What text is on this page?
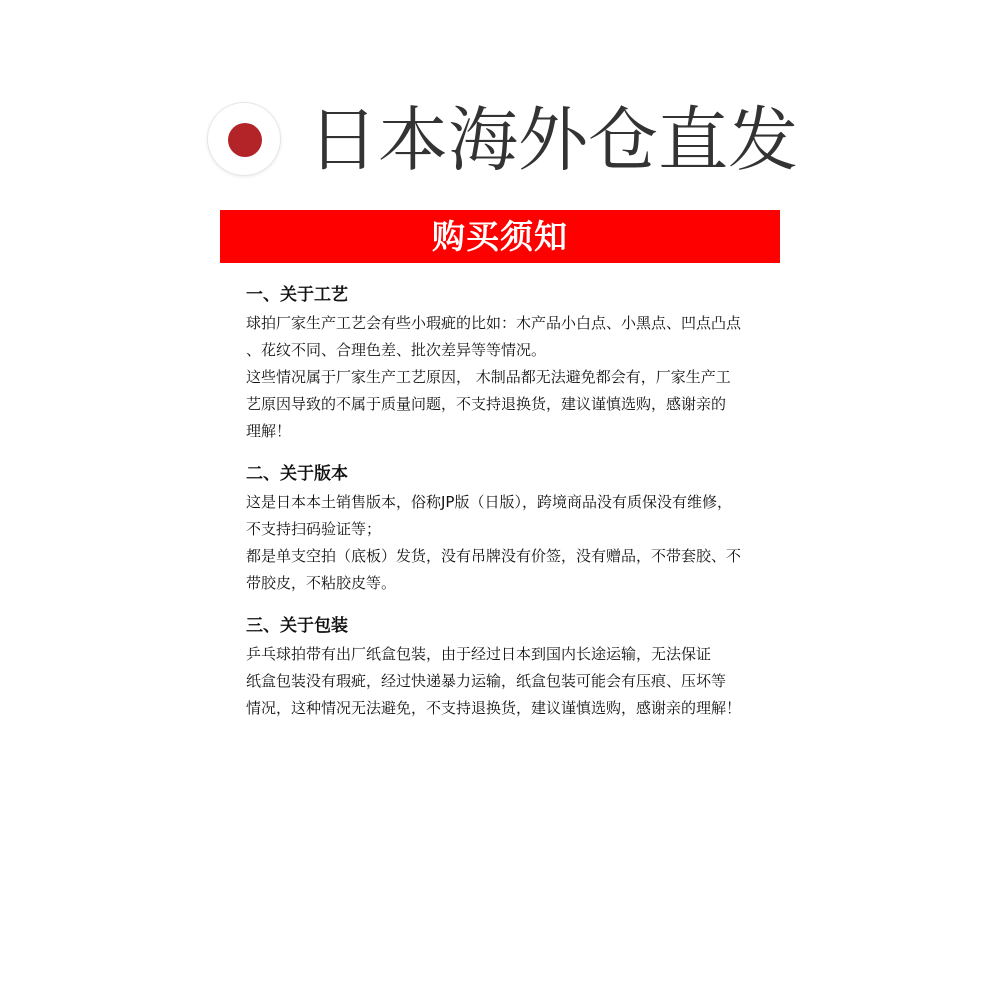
日本海外仓直发
购买须知
一、关于工艺

球拍厂家生产工艺会有些小瑕疵的比如：木产品小白点、小黑点、凹点凸点
、花纹不同、合理色差、批次差异等等情况。

这些情况属于厂家生产工艺原因， 木制品都无法避免都会有，厂家生产工
艺原因导致的不属于质量问题，不支持退换货，建议谨慎选购，感谢亲的
理解！

二、关于版本

这是日本本土销售版本，俗称JP版（日版），跨境商品没有质保没有维修，
不支持扫码验证等；

都是单支空拍（底板）发货，没有吊牌没有价签，没有赠品，不带套胶、不
带胶皮，不粘胶皮等。

三、关于包装

乒乓球拍带有出厂纸盒包装，由于经过日本到国内长途运输，无法保证
纸盒包装没有瑕疵，经过快递暴力运输，纸盒包装可能会有压痕、压坏等
情况，这种情况无法避免，不支持退换货，建议谨慎选购，感谢亲的理解！
